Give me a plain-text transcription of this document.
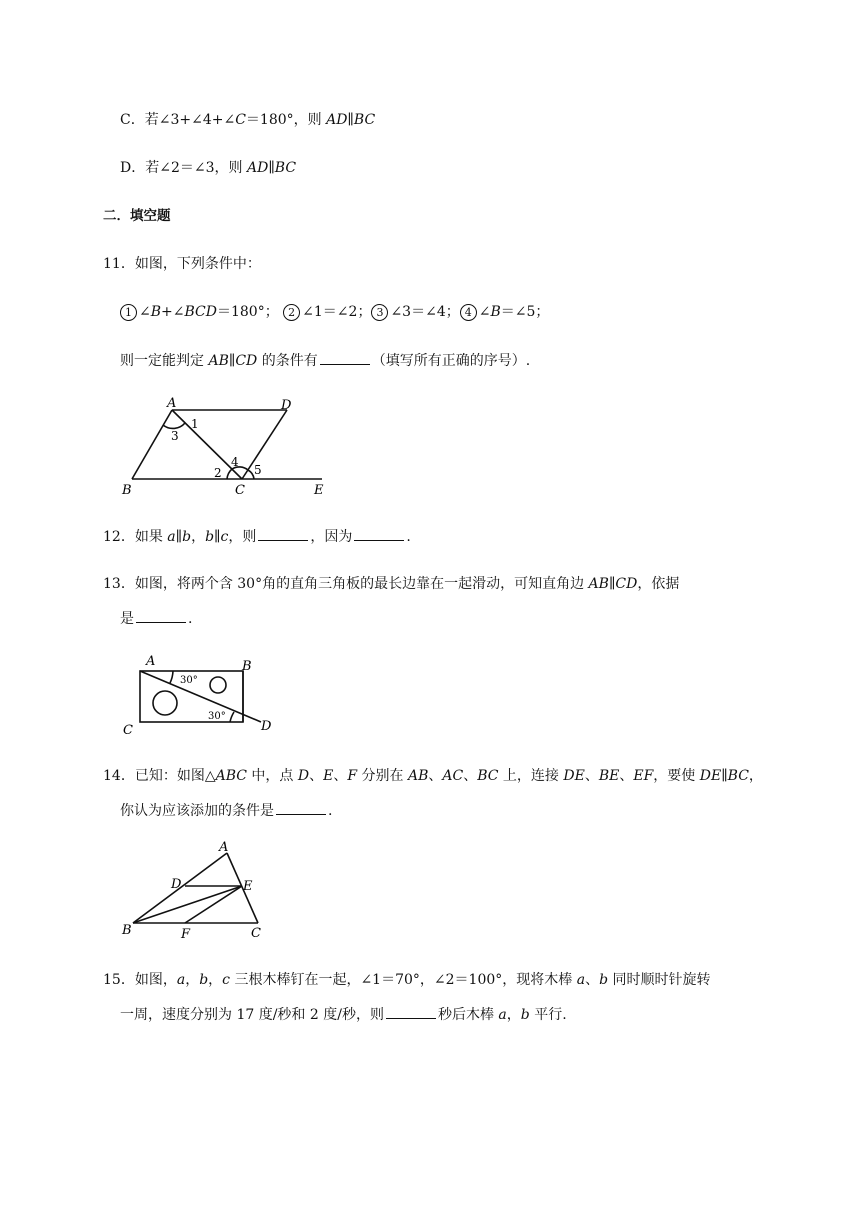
C．若∠3+∠4+∠C＝180°，则 AD∥BC
D．若∠2＝∠3，则 AD∥BC
二．填空题
11．如图，下列条件中：
1 ∠B+∠BCD＝180°； 2 ∠1＝∠2； 3 ∠3＝∠4； 4 ∠B＝∠5；
则一定能判定 AB∥CD 的条件有	（填写所有正确的序号）.
A	D
B	C	E
1
3
2
4
5
12．如果 a∥b，b∥c，则	，因为	.
13．如图，将两个含 30°角的直角三角板的最长边靠在一起滑动，可知直角边 AB∥CD，依据
是	.
A	B
C	D
30°
30°
14．已知：如图△ABC 中，点 D、E、F 分别在 AB、AC、BC 上，连接 DE、BE、EF，要使 DE∥BC，
你认为应该添加的条件是	.
A
D	E
B	F	C
15．如图，a，b，c 三根木棒钉在一起，∠1＝70°，∠2＝100°，现将木棒 a、b 同时顺时针旋转
一周，速度分别为 17 度/秒和 2 度/秒，则	秒后木棒 a，b 平行.
